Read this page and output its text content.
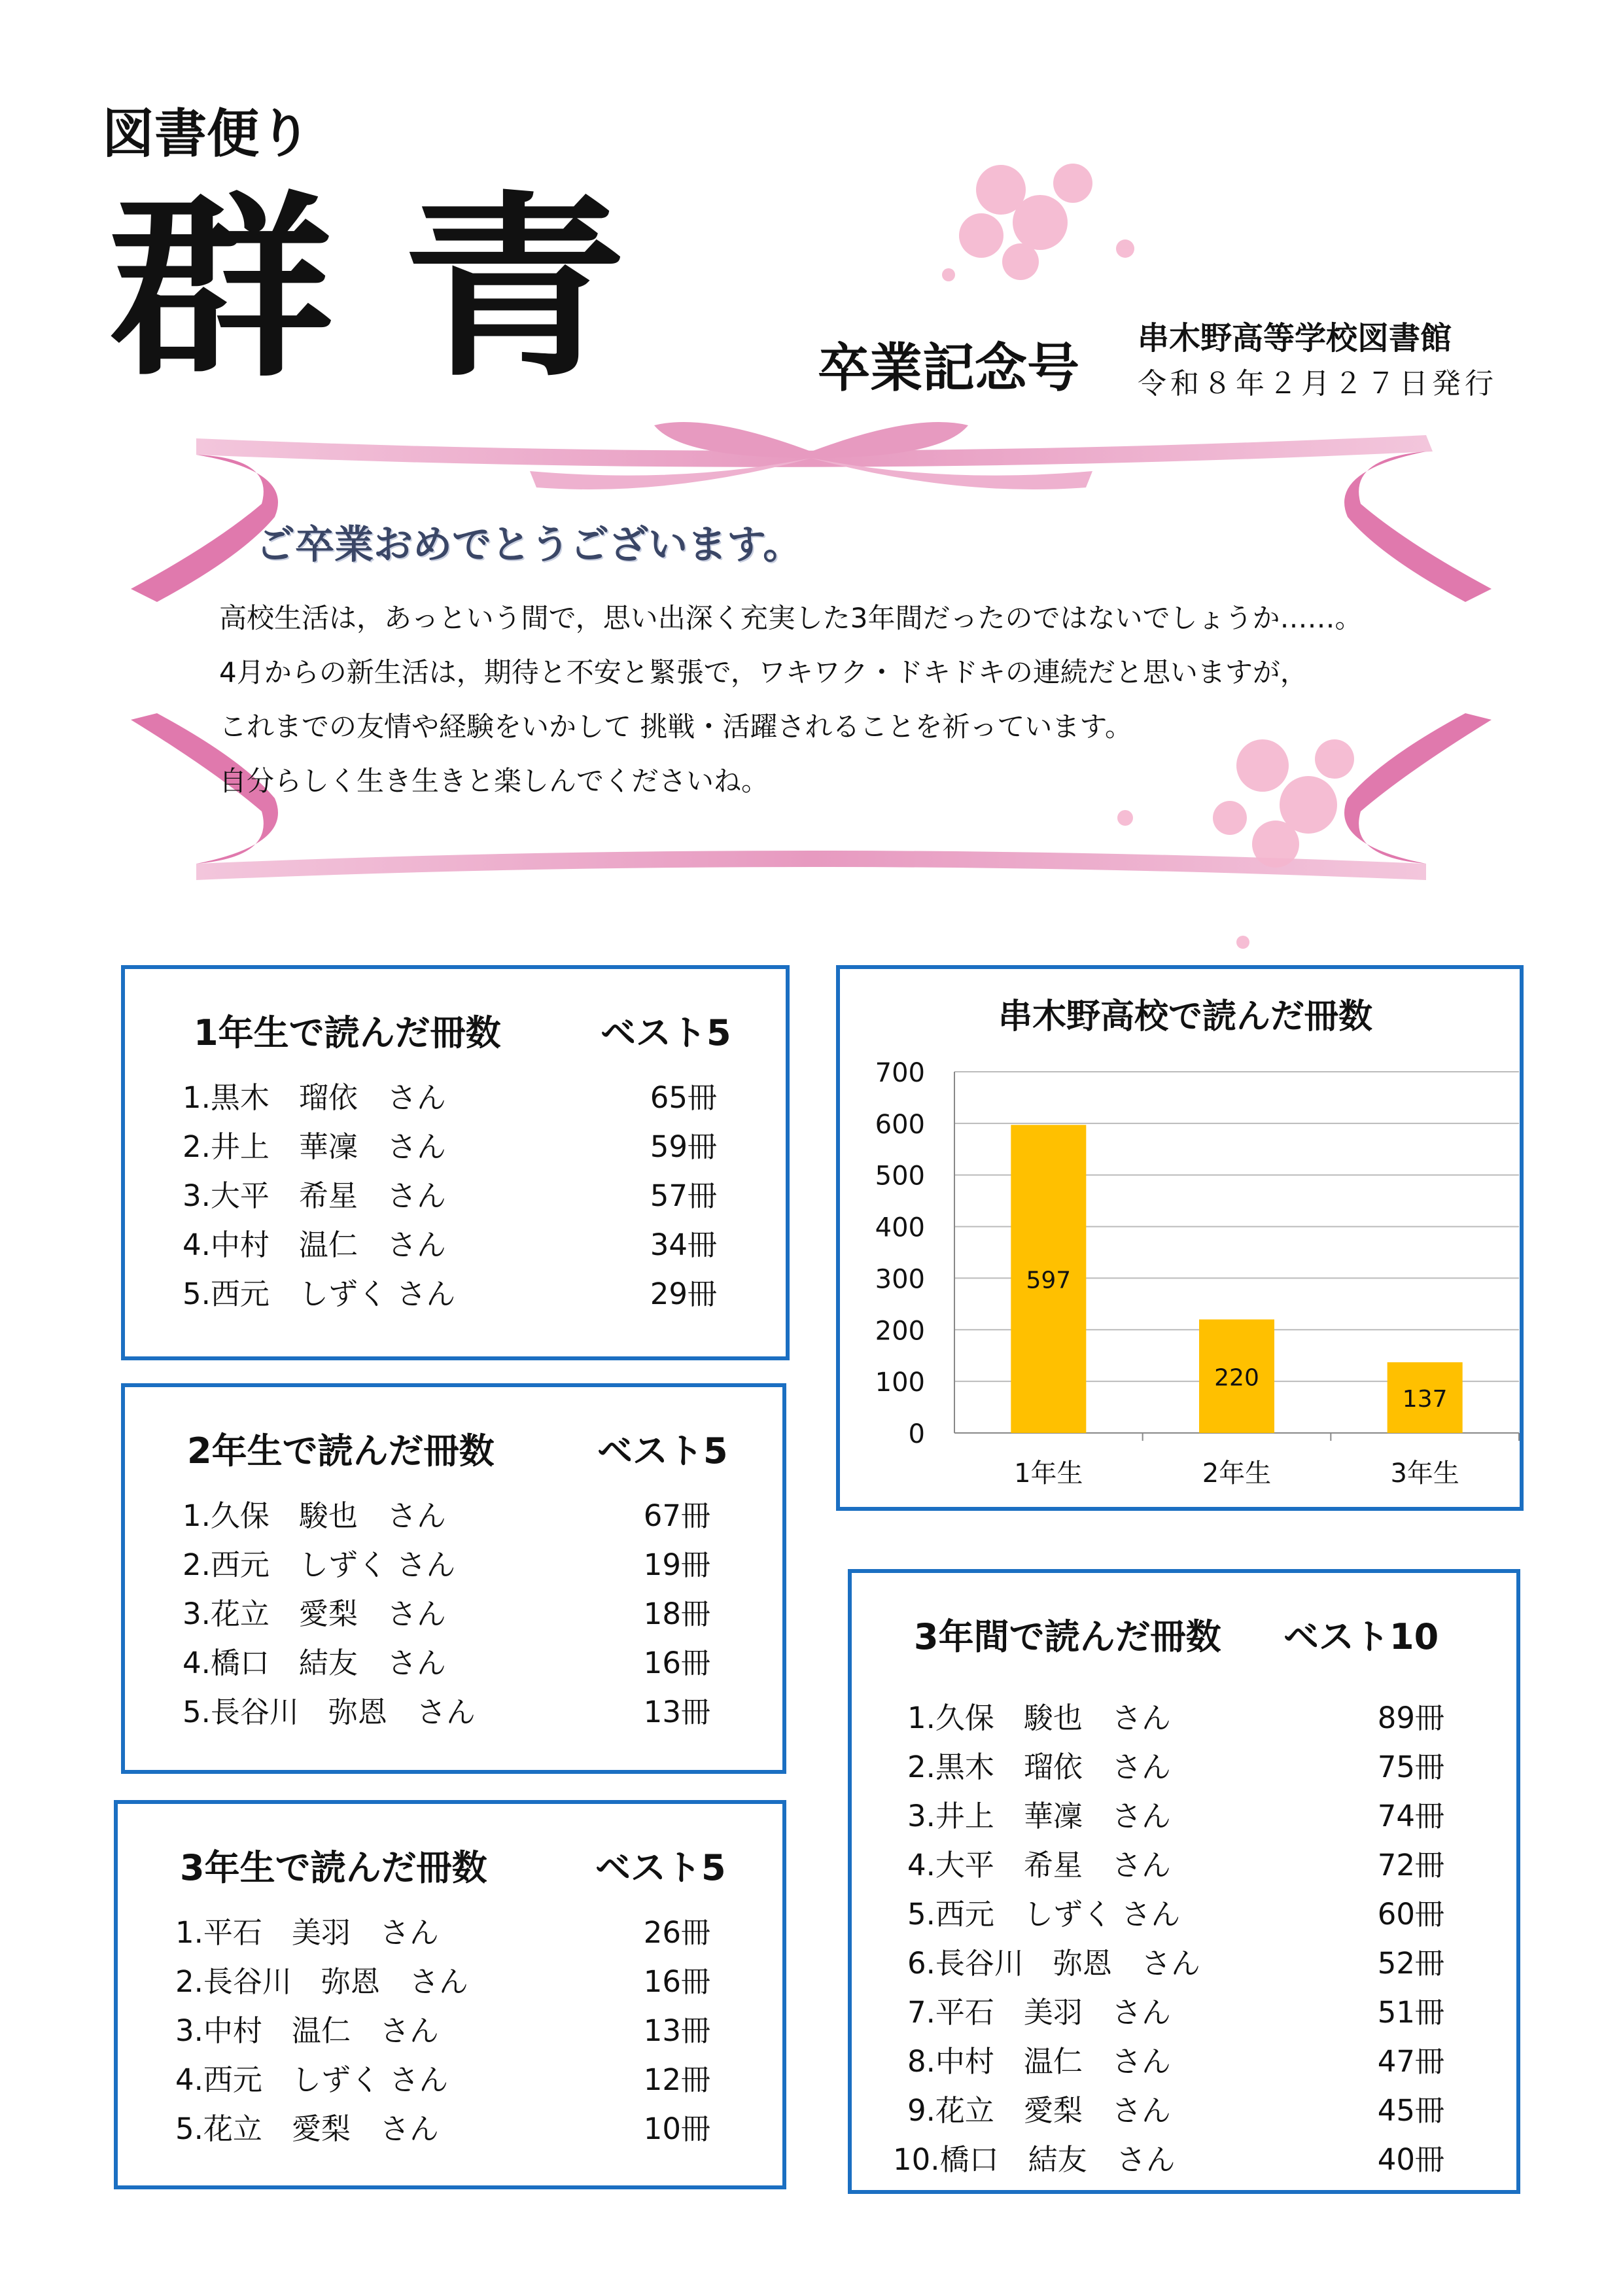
図書便り
群青 卒業記念号 串木野高等学校図書館
令和８年２月２７日発行
ご卒業おめでとうございます。
高校生活は，あっという間で，思い出深く充実した3年間だったのではないでしょうか……。
4月からの新生活は，期待と不安と緊張で，ワキワク・ドキドキの連続だと思いますが，
これまでの友情や経験をいかして 挑戦・活躍されることを祈っています。
自分らしく生き生きと楽しんでくださいね。
1年生で読んだ冊数	ベスト5
1.黒木　瑠依　さん	65冊
2.井上　華凜　さん	59冊
3.大平　希星　さん	57冊
4.中村　温仁　さん	34冊
5.西元　しずく さん	29冊
2年生で読んだ冊数	ベスト5
1.久保　駿也　さん	67冊
2.西元　しずく さん	19冊
3.花立　愛梨　さん	18冊
4.橋口　結友　さん	16冊
5.長谷川　弥恩　さん	13冊
3年生で読んだ冊数	ベスト5
1.平石　美羽　さん	26冊
2.長谷川　弥恩　さん	16冊
3.中村　温仁　さん	13冊
4.西元　しずく さん	12冊
5.花立　愛梨　さん	10冊
3年間で読んだ冊数 ベスト10
1.久保　駿也　さん	89冊
2.黒木　瑠依　さん	75冊
3.井上　華凜　さん	74冊
4.大平　希星　さん	72冊
5.西元　しずく さん	60冊
6.長谷川　弥恩　さん	52冊
7.平石　美羽　さん	51冊
8.中村　温仁　さん	47冊
9.花立　愛梨　さん	45冊
10.橋口　結友　さん	40冊
串木野高校で読んだ冊数
0
100
200
300
400
500
600
700
597
1年生
220
2年生
137
3年生
